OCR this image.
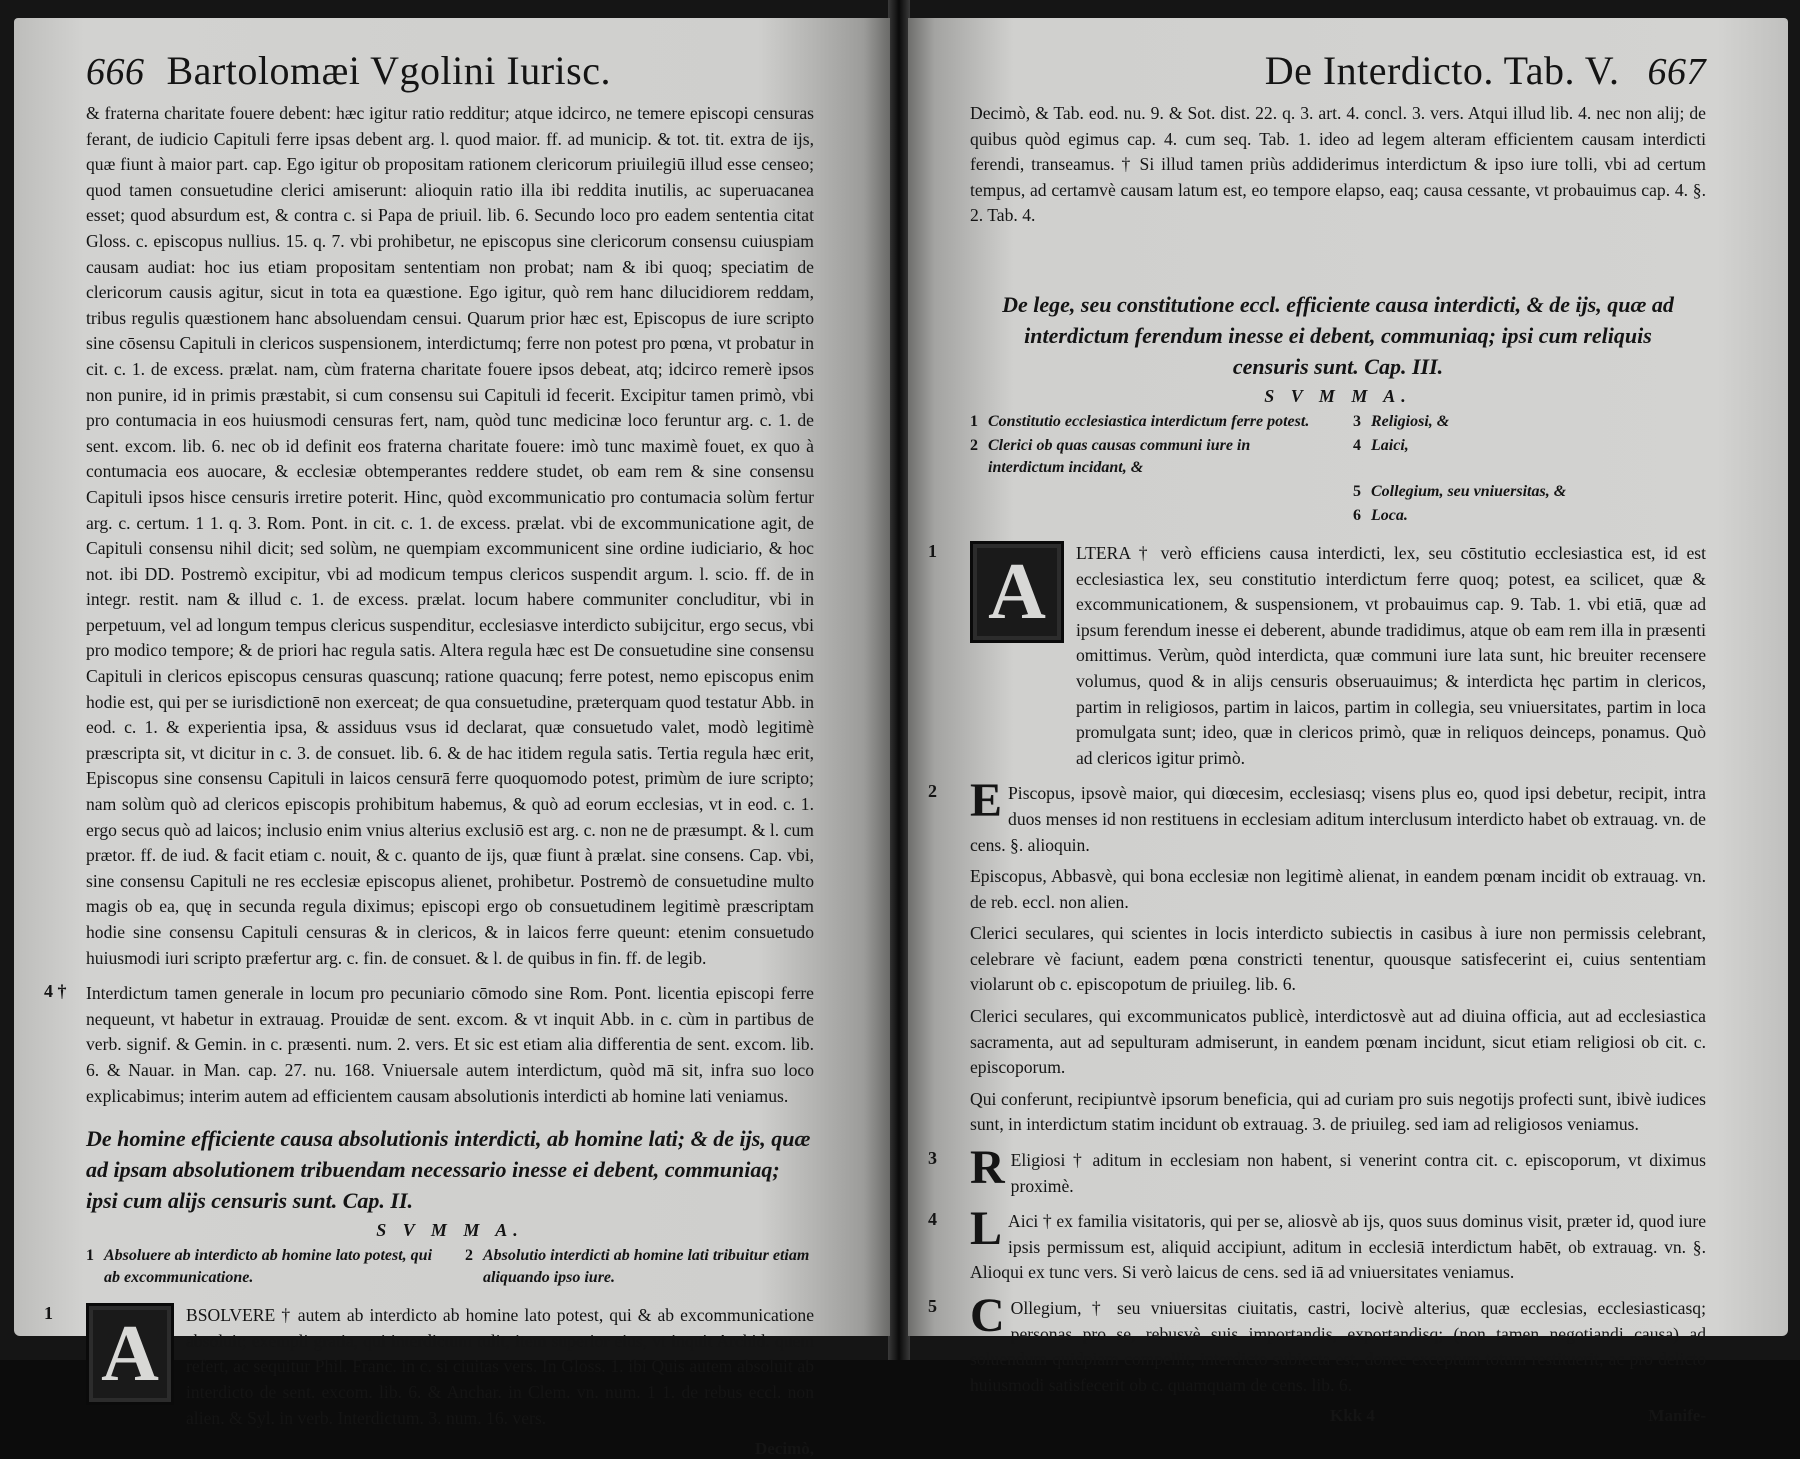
666 Bartolomæi Vgolini Iurisc.

& fraterna charitate fouere debent: hæc igitur ratio redditur; atque idcirco, ne temere episcopi censuras ferant, de iudicio Capituli ferre ipsas debent arg. l. quod maior. ff. ad municip. & tot. tit. extra de ijs, quæ fiunt à maior part. cap. Ego igitur ob propositam rationem clericorum priuilegiū illud esse censeo; quod tamen consuetudine clerici amiserunt: alioquin ratio illa ibi reddita inutilis, ac superuacanea esset; quod absurdum est, & contra c. si Papa de priuil. lib. 6. Secundo loco pro eadem sententia citat Gloss. c. episcopus nullius. 15. q. 7. vbi prohibetur, ne episcopus sine clericorum consensu cuiuspiam causam audiat: hoc ius etiam propositam sententiam non probat; nam & ibi quoq; speciatim de clericorum causis agitur, sicut in tota ea quæstione. Ego igitur, quò rem hanc dilucidiorem reddam, tribus regulis quæstionem hanc absoluendam censui. Quarum prior hæc est, Episcopus de iure scripto sine cōsensu Capituli in clericos suspensionem, interdictumq; ferre non potest pro pœna, vt probatur in cit. c. 1. de excess. prælat. nam, cùm fraterna charitate fouere ipsos debeat, atq; idcirco remerè ipsos non punire, id in primis præstabit, si cum consensu sui Capituli id fecerit. Excipitur tamen primò, vbi pro contumacia in eos huiusmodi censuras fert, nam, quòd tunc medicinæ loco feruntur arg. c. 1. de sent. excom. lib. 6. nec ob id definit eos fraterna charitate fouere: imò tunc maximè fouet, ex quo à contumacia eos auocare, & ecclesiæ obtemperantes reddere studet, ob eam rem & sine consensu Capituli ipsos hisce censuris irretire poterit. Hinc, quòd excommunicatio pro contumacia solùm fertur arg. c. certum. 1 1. q. 3. Rom. Pont. in cit. c. 1. de excess. prælat. vbi de excommunicatione agit, de Capituli consensu nihil dicit; sed solùm, ne quempiam excommunicent sine ordine iudiciario, & hoc not. ibi DD. Postremò excipitur, vbi ad modicum tempus clericos suspendit argum. l. scio. ff. de in integr. restit. nam & illud c. 1. de excess. prælat. locum habere communiter concluditur, vbi in perpetuum, vel ad longum tempus clericus suspenditur, ecclesiasve interdicto subijcitur, ergo secus, vbi pro modico tempore; & de priori hac regula satis. Altera regula hæc est De consuetudine sine consensu Capituli in clericos episcopus censuras quascunq; ratione quacunq; ferre potest, nemo episcopus enim hodie est, qui per se iurisdictionē non exerceat; de qua consuetudine, præterquam quod testatur Abb. in eod. c. 1. & experientia ipsa, & assiduus vsus id declarat, quæ consuetudo valet, modò legitimè præscripta sit, vt dicitur in c. 3. de consuet. lib. 6. & de hac itidem regula satis. Tertia regula hæc erit, Episcopus sine consensu Capituli in laicos censurā ferre quoquomodo potest, primùm de iure scripto; nam solùm quò ad clericos episcopis prohibitum habemus, & quò ad eorum ecclesias, vt in eod. c. 1. ergo secus quò ad laicos; inclusio enim vnius alterius exclusiō est arg. c. non ne de præsumpt. & l. cum prætor. ff. de iud. & facit etiam c. nouit, & c. quanto de ijs, quæ fiunt à prælat. sine consens. Cap. vbi, sine consensu Capituli ne res ecclesiæ episcopus alienet, prohibetur. Postremò de consuetudine multo magis ob ea, quę in secunda regula diximus; episcopi ergo ob consuetudinem legitimè præscriptam hodie sine consensu Capituli censuras & in clericos, & in laicos ferre queunt: etenim consuetudo huiusmodi iuri scripto præfertur arg. c. fin. de consuet. & l. de quibus in fin. ff. de legib.

4 † Interdictum tamen generale in locum pro pecuniario cōmodo sine Rom. Pont. licentia episcopi ferre nequeunt, vt habetur in extrauag. Prouidæ de sent. excom. & vt inquit Abb. in c. cùm in partibus de verb. signif. & Gemin. in c. præsenti. num. 2. vers. Et sic est etiam alia differentia de sent. excom. lib. 6. & Nauar. in Man. cap. 27. nu. 168. Vniuersale autem interdictum, quòd mā sit, infra suo loco explicabimus; interim autem ad efficientem causam absolutionis interdicti ab homine lati veniamus.

De homine efficiente causa absolutionis interdicti, ab homine lati; & de ijs, quæ ad ipsam absolutionem tribuendam necessario inesse ei debent, communiaq; ipsi cum alijs censuris sunt. Cap. II.
S V M M A.
1 Absoluere ab interdicto ab homine lato potest, qui ab excommunicatione.
2 Absolutio interdicti ab homine lati tribuitur etiam aliquando ipso iure.
1 A	BSOLVERE † autem ab interdicto ab homine lato potest, qui & ab excommunicatione absoluit; exempli gratia, qui interdictum tulit, item superior eius, vt inquit Archid. quem refert, ac sequitur Phil. Franc. in c. si ciuitas vers. In Gloss. 1. ibi Quis autem absoluit ab interdicto de sent. excom. lib. 6. & Anchar. in Clem. vn. num. 1 1. de rebus eccl. non alien. & Syl. in verb. Interdictum. 3. num. 16. vers.

Decimò,
De Interdicto. Tab. V. 667

Decimò, & Tab. eod. nu. 9. & Sot. dist. 22. q. 3. art. 4. concl. 3. vers. Atqui illud lib. 4. nec non alij; de quibus quòd egimus cap. 4. cum seq. Tab. 1. ideo ad legem alteram efficientem causam interdicti ferendi, transeamus. † Si illud tamen priùs addiderimus interdictum & ipso iure tolli, vbi ad certum tempus, ad certamvè causam latum est, eo tempore elapso, eaq; causa cessante, vt probauimus cap. 4. §. 2. Tab. 4.

De lege, seu constitutione eccl. efficiente causa interdicti, & de ijs, quæ ad interdictum ferendum inesse ei debent, communiaq; ipsi cum reliquis censuris sunt. Cap. III.
S V M M A.
1 Constitutio ecclesiastica interdictum ferre potest.	3 Religiosi, &
2 Clerici ob quas causas communi iure in interdictum incidant, &
4 Laici,
5 Collegium, seu vniuersitas, &
6 Loca.
1 A	LTERA † verò efficiens causa interdicti, lex, seu cōstitutio ecclesiastica est, id est ecclesiastica lex, seu constitutio interdictum ferre quoq; potest, ea scilicet, quæ & excommunicationem, & suspensionem, vt probauimus cap. 9. Tab. 1. vbi etiā, quæ ad ipsum ferendum inesse ei deberent, abunde tradidimus, atque ob eam rem illa in præsenti omittimus. Verùm, quòd interdicta, quæ communi iure lata sunt, hic breuiter recensere volumus, quod & in alijs censuris obseruauimus; & interdicta hęc partim in clericos, partim in religiosos, partim in laicos, partim in collegia, seu vniuersitates, partim in loca promulgata sunt; ideo, quæ in clericos primò, quæ in reliquos deinceps, ponamus. Quò ad clericos igitur primò.

2 E Piscopus, ipsovè maior, qui diœcesim, ecclesiasq; visens plus eo, quod ipsi debetur, recipit, intra duos menses id non restituens in ecclesiam aditum interclusum interdicto habet ob extrauag. vn. de cens. §. alioquin.

Episcopus, Abbasvè, qui bona ecclesiæ non legitimè alienat, in eandem pœnam incidit ob extrauag. vn. de reb. eccl. non alien.

Clerici seculares, qui scientes in locis interdicto subiectis in casibus à iure non permissis celebrant, celebrare vè faciunt, eadem pœna constricti tenentur, quousque satisfecerint ei, cuius sententiam violarunt ob c. episcopotum de priuileg. lib. 6.

Clerici seculares, qui excommunicatos publicè, interdictosvè aut ad diuina officia, aut ad ecclesiastica sacramenta, aut ad sepulturam admiserunt, in eandem pœnam incidunt, sicut etiam religiosi ob cit. c. episcoporum.

Qui conferunt, recipiuntvè ipsorum beneficia, qui ad curiam pro suis negotijs profecti sunt, ibivè iudices sunt, in interdictum statim incidunt ob extrauag. 3. de priuileg. sed iam ad religiosos veniamus.

3 R Eligiosi † aditum in ecclesiam non habent, si venerint contra cit. c. episcoporum, vt diximus proximè.

4 L Aici † ex familia visitatoris, qui per se, aliosvè ab ijs, quos suus dominus visit, præter id, quod iure ipsis permissum est, aliquid accipiunt, aditum in ecclesiā interdictum habēt, ob extrauag. vn. §. Alioqui ex tunc vers. Si verò laicus de cens. sed iā ad vniuersitates veniamus.

5 C Ollegium, † seu vniuersitas ciuitatis, castri, locivè alterius, quæ ecclesias, ecclesiasticasq; personas pro se, rebusvè suis importandis, exportandisq; (non tamen negotiandi causa) ad soluendum quidpiam compellit, interdicto subiecta est, donec exceptum totum restituerit, ac pro delicto huiusmodi satisfecerit ob c. quamquam de cens. lib. 6.

Kkk 4	Manife-
